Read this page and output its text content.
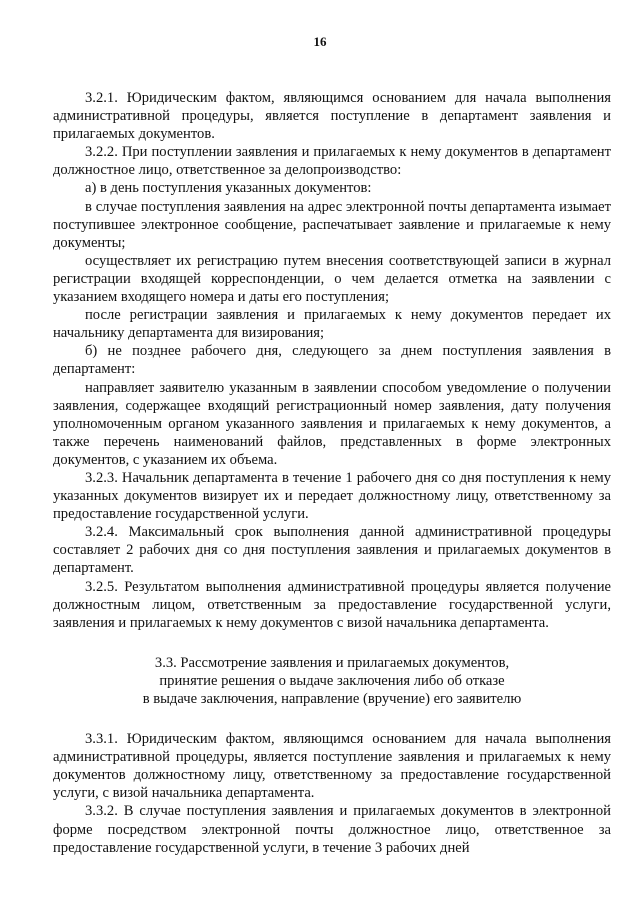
16

3.2.1. Юридическим фактом, являющимся основанием для начала выполнения административной процедуры, является поступление в департамент заявления и прилагаемых документов.

3.2.2. При поступлении заявления и прилагаемых к нему документов в департамент должностное лицо, ответственное за делопроизводство:

а) в день поступления указанных документов:

в случае поступления заявления на адрес электронной почты департамента изымает поступившее электронное сообщение, распечатывает заявление и прилагаемые к нему документы;

осуществляет их регистрацию путем внесения соответствующей записи в журнал регистрации входящей корреспонденции, о чем делается отметка на заявлении с указанием входящего номера и даты его поступления;

после регистрации заявления и прилагаемых к нему документов передает их начальнику департамента для визирования;

б) не позднее рабочего дня, следующего за днем поступления заявления в департамент:

направляет заявителю указанным в заявлении способом уведомление о получении заявления, содержащее входящий регистрационный номер заявления, дату получения уполномоченным органом указанного заявления и прилагаемых к нему документов, а также перечень наименований файлов, представленных в форме электронных документов, с указанием их объема.

3.2.3. Начальник департамента в течение 1 рабочего дня со дня поступления к нему указанных документов визирует их и передает должностному лицу, ответственному за предоставление государственной услуги.

3.2.4. Максимальный срок выполнения данной административной процедуры составляет 2 рабочих дня со дня поступления заявления и прилагаемых документов в департамент.

3.2.5. Результатом выполнения административной процедуры является получение должностным лицом, ответственным за предоставление государственной услуги, заявления и прилагаемых к нему документов с визой начальника департамента.

3.3. Рассмотрение заявления и прилагаемых документов,
принятие решения о выдаче заключения либо об отказе
в выдаче заключения, направление (вручение) его заявителю

3.3.1. Юридическим фактом, являющимся основанием для начала выполнения административной процедуры, является поступление заявления и прилагаемых к нему документов должностному лицу, ответственному за предоставление государственной услуги, с визой начальника департамента.

3.3.2. В случае поступления заявления и прилагаемых документов в электронной форме посредством электронной почты должностное лицо, ответственное за предоставление государственной услуги, в течение 3 рабочих дней
